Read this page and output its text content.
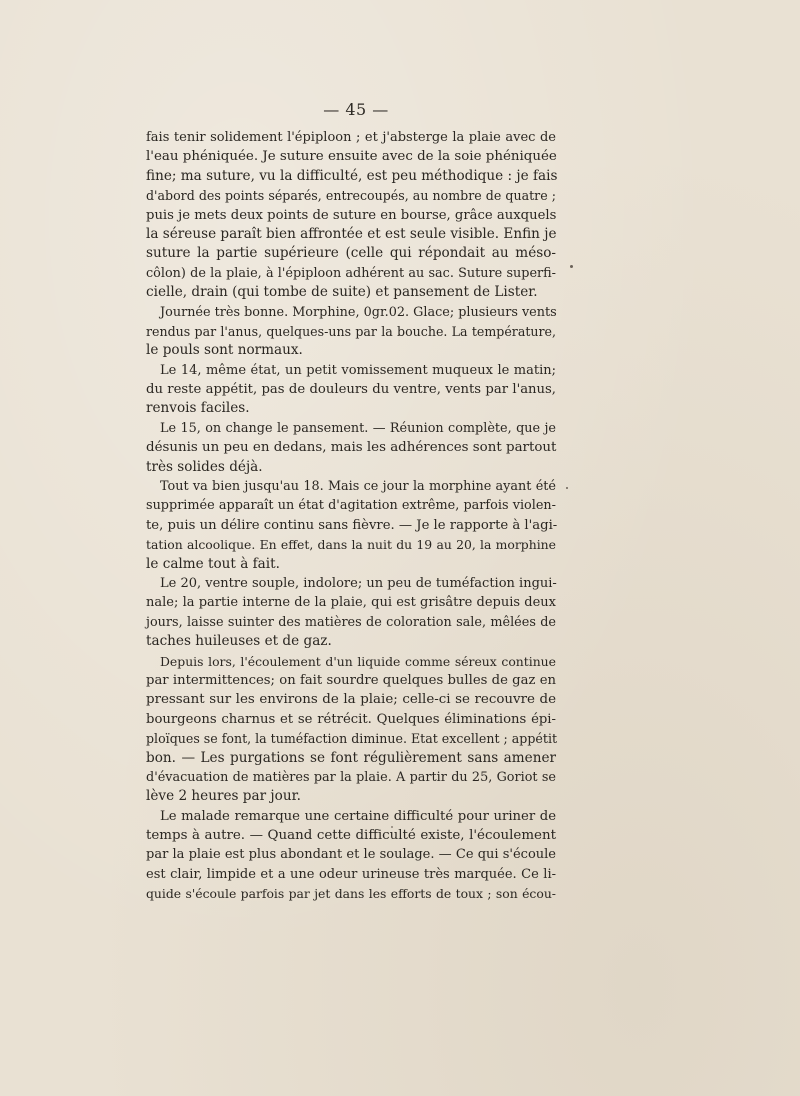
— 45 —
fais tenir solidement l'épiploon ; et j'absterge la plaie avec de
l'eau phéniquée. Je suture ensuite avec de la soie phéniquée
fine; ma suture, vu la difficulté, est peu méthodique : je fais
d'abord des points séparés, entrecoupés, au nombre de quatre ;
puis je mets deux points de suture en bourse, grâce auxquels
la séreuse paraît bien affrontée et est seule visible. Enfin je
suture la partie supérieure (celle qui répondait au méso-
côlon) de la plaie, à l'épiploon adhérent au sac. Suture superfi-
cielle, drain (qui tombe de suite) et pansement de Lister.
Journée très bonne. Morphine, 0gr.02. Glace; plusieurs vents
rendus par l'anus, quelques-uns par la bouche. La température,
le pouls sont normaux.
Le 14, même état, un petit vomissement muqueux le matin;
du reste appétit, pas de douleurs du ventre, vents par l'anus,
renvois faciles.
Le 15, on change le pansement. — Réunion complète, que je
désunis un peu en dedans, mais les adhérences sont partout
très solides déjà.
Tout va bien jusqu'au 18. Mais ce jour la morphine ayant été
supprimée apparaît un état d'agitation extrême, parfois violen-
te, puis un délire continu sans fièvre. — Je le rapporte à l'agi-
tation alcoolique. En effet, dans la nuit du 19 au 20, la morphine
le calme tout à fait.
Le 20, ventre souple, indolore; un peu de tuméfaction ingui-
nale; la partie interne de la plaie, qui est grisâtre depuis deux
jours, laisse suinter des matières de coloration sale, mêlées de
taches huileuses et de gaz.
Depuis lors, l'écoulement d'un liquide comme séreux continue
par intermittences; on fait sourdre quelques bulles de gaz en
pressant sur les environs de la plaie; celle-ci se recouvre de
bourgeons charnus et se rétrécit. Quelques éliminations épi-
ploïques se font, la tuméfaction diminue. Etat excellent ; appétit
bon. — Les purgations se font régulièrement sans amener
d'évacuation de matières par la plaie. A partir du 25, Goriot se
lève 2 heures par jour.
Le malade remarque une certaine difficulté pour uriner de
temps à autre. — Quand cette difficulté existe, l'écoulement
par la plaie est plus abondant et le soulage. — Ce qui s'écoule
est clair, limpide et a une odeur urineuse très marquée. Ce li-
quide s'écoule parfois par jet dans les efforts de toux ; son écou-
